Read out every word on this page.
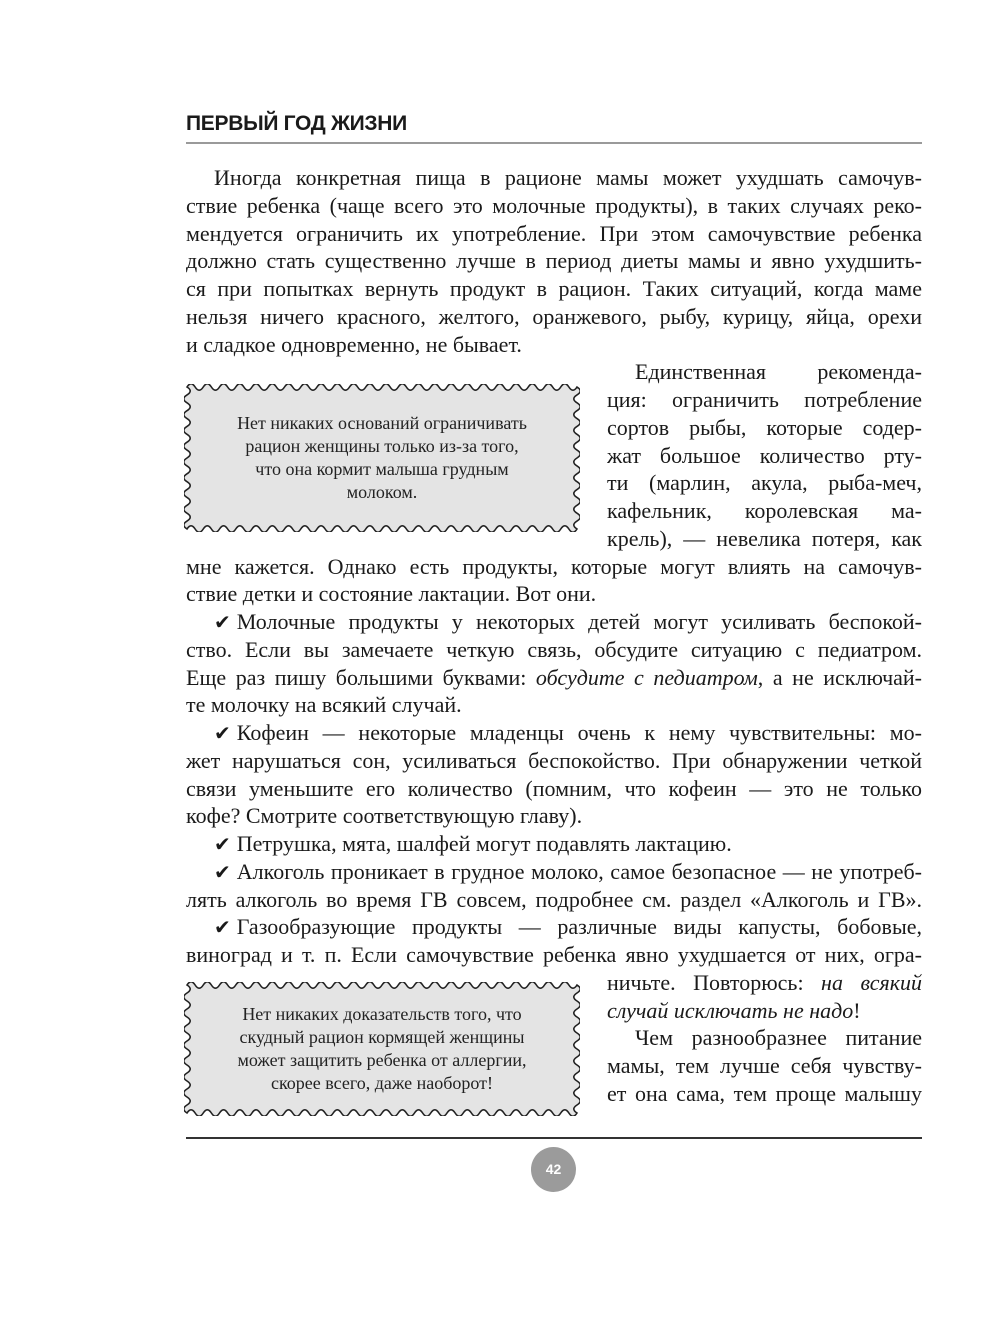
ПЕРВЫЙ ГОД ЖИЗНИ
Иногда конкретная пища в рационе мамы может ухудшать самочув-
ствие ребенка (чаще всего это молочные продукты), в таких случаях реко-
мендуется ограничить их употребление. При этом самочувствие ребенка
должно стать существенно лучше в период диеты мамы и явно ухудшить-
ся при попытках вернуть продукт в рацион. Таких ситуаций, когда маме
нельзя ничего красного, желтого, оранжевого, рыбу, курицу, яйца, орехи
и сладкое одновременно, не бывает.
Единственная рекоменда-
ция: ограничить потребление
сортов рыбы, которые содер-
жат большое количество рту-
ти (марлин, акула, рыба-меч,
кафельник, королевская ма-
крель), — невелика потеря, как
мне кажется. Однако есть продукты, которые могут влиять на самочув-
ствие детки и состояние лактации. Вот они.
✔ Молочные продукты у некоторых детей могут усиливать беспокой-
ство. Если вы замечаете четкую связь, обсудите ситуацию с педиатром.
Еще раз пишу большими буквами: обсудите с педиатром, а не исключай-
те молочку на всякий случай.
✔ Кофеин — некоторые младенцы очень к нему чувствительны: мо-
жет нарушаться сон, усиливаться беспокойство. При обнаружении четкой
связи уменьшите его количество (помним, что кофеин — это не только
кофе? Смотрите соответствующую главу).
✔ Петрушка, мята, шалфей могут подавлять лактацию.
✔ Алкоголь проникает в грудное молоко, самое безопасное — не употреб-
лять алкоголь во время ГВ совсем, подробнее см. раздел «Алкоголь и ГВ».
✔ Газообразующие продукты — различные виды капусты, бобовые,
виноград и т. п. Если самочувствие ребенка явно ухудшается от них, огра-
ничьте. Повторюсь: на всякий
случай исключать не надо!
Чем разнообразнее питание
мамы, тем лучше себя чувству-
ет она сама, тем проще малышу
Нет никаких оснований ограничивать
рацион женщины только из-за того,
что она кормит малыша грудным
молоком.
Нет никаких доказательств того, что
скудный рацион кормящей женщины
может защитить ребенка от аллергии,
скорее всего, даже наоборот!
42
